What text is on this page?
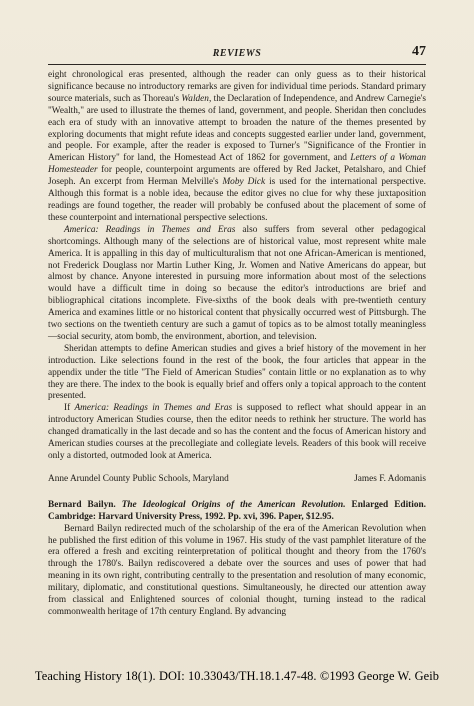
REVIEWS	47

eight chronological eras presented, although the reader can only guess as to their historical significance because no introductory remarks are given for individual time periods. Standard primary source materials, such as Thoreau's Walden, the Declaration of Independence, and Andrew Carnegie's "Wealth," are used to illustrate the themes of land, government, and people. Sheridan then concludes each era of study with an innovative attempt to broaden the nature of the themes presented by exploring documents that might refute ideas and concepts suggested earlier under land, government, and people. For example, after the reader is exposed to Turner's "Significance of the Frontier in American History" for land, the Homestead Act of 1862 for government, and Letters of a Woman Homesteader for people, counterpoint arguments are offered by Red Jacket, Petalsharo, and Chief Joseph. An excerpt from Herman Melville's Moby Dick is used for the international perspective. Although this format is a noble idea, because the editor gives no clue for why these juxtaposition readings are found together, the reader will probably be confused about the placement of some of these counterpoint and international perspective selections.

America: Readings in Themes and Eras also suffers from several other pedagogical shortcomings. Although many of the selections are of historical value, most represent white male America. It is appalling in this day of multiculturalism that not one African-American is mentioned, not Frederick Douglass nor Martin Luther King, Jr. Women and Native Americans do appear, but almost by chance. Anyone interested in pursuing more information about most of the selections would have a difficult time in doing so because the editor's introductions are brief and bibliographical citations incomplete. Five-sixths of the book deals with pre-twentieth century America and examines little or no historical content that physically occurred west of Pittsburgh. The two sections on the twentieth century are such a gamut of topics as to be almost totally meaningless—social security, atom bomb, the environment, abortion, and television.

Sheridan attempts to define American studies and gives a brief history of the movement in her introduction. Like selections found in the rest of the book, the four articles that appear in the appendix under the title "The Field of American Studies" contain little or no explanation as to why they are there. The index to the book is equally brief and offers only a topical approach to the content presented.

If America: Readings in Themes and Eras is supposed to reflect what should appear in an introductory American Studies course, then the editor needs to rethink her structure. The world has changed dramatically in the last decade and so has the content and the focus of American history and American studies courses at the precollegiate and collegiate levels. Readers of this book will receive only a distorted, outmoded look at America.

Anne Arundel County Public Schools, Maryland	James F. Adomanis

Bernard Bailyn. The Ideological Origins of the American Revolution. Enlarged Edition. Cambridge: Harvard University Press, 1992. Pp. xvi, 396. Paper, $12.95.

Bernard Bailyn redirected much of the scholarship of the era of the American Revolution when he published the first edition of this volume in 1967. His study of the vast pamphlet literature of the era offered a fresh and exciting reinterpretation of political thought and theory from the 1760's through the 1780's. Bailyn rediscovered a debate over the sources and uses of power that had meaning in its own right, contributing centrally to the presentation and resolution of many economic, military, diplomatic, and constitutional questions. Simultaneously, he directed our attention away from classical and Enlightened sources of colonial thought, turning instead to the radical commonwealth heritage of 17th century England. By advancing

Teaching History 18(1). DOI: 10.33043/TH.18.1.47-48. ©1993 George W. Geib
